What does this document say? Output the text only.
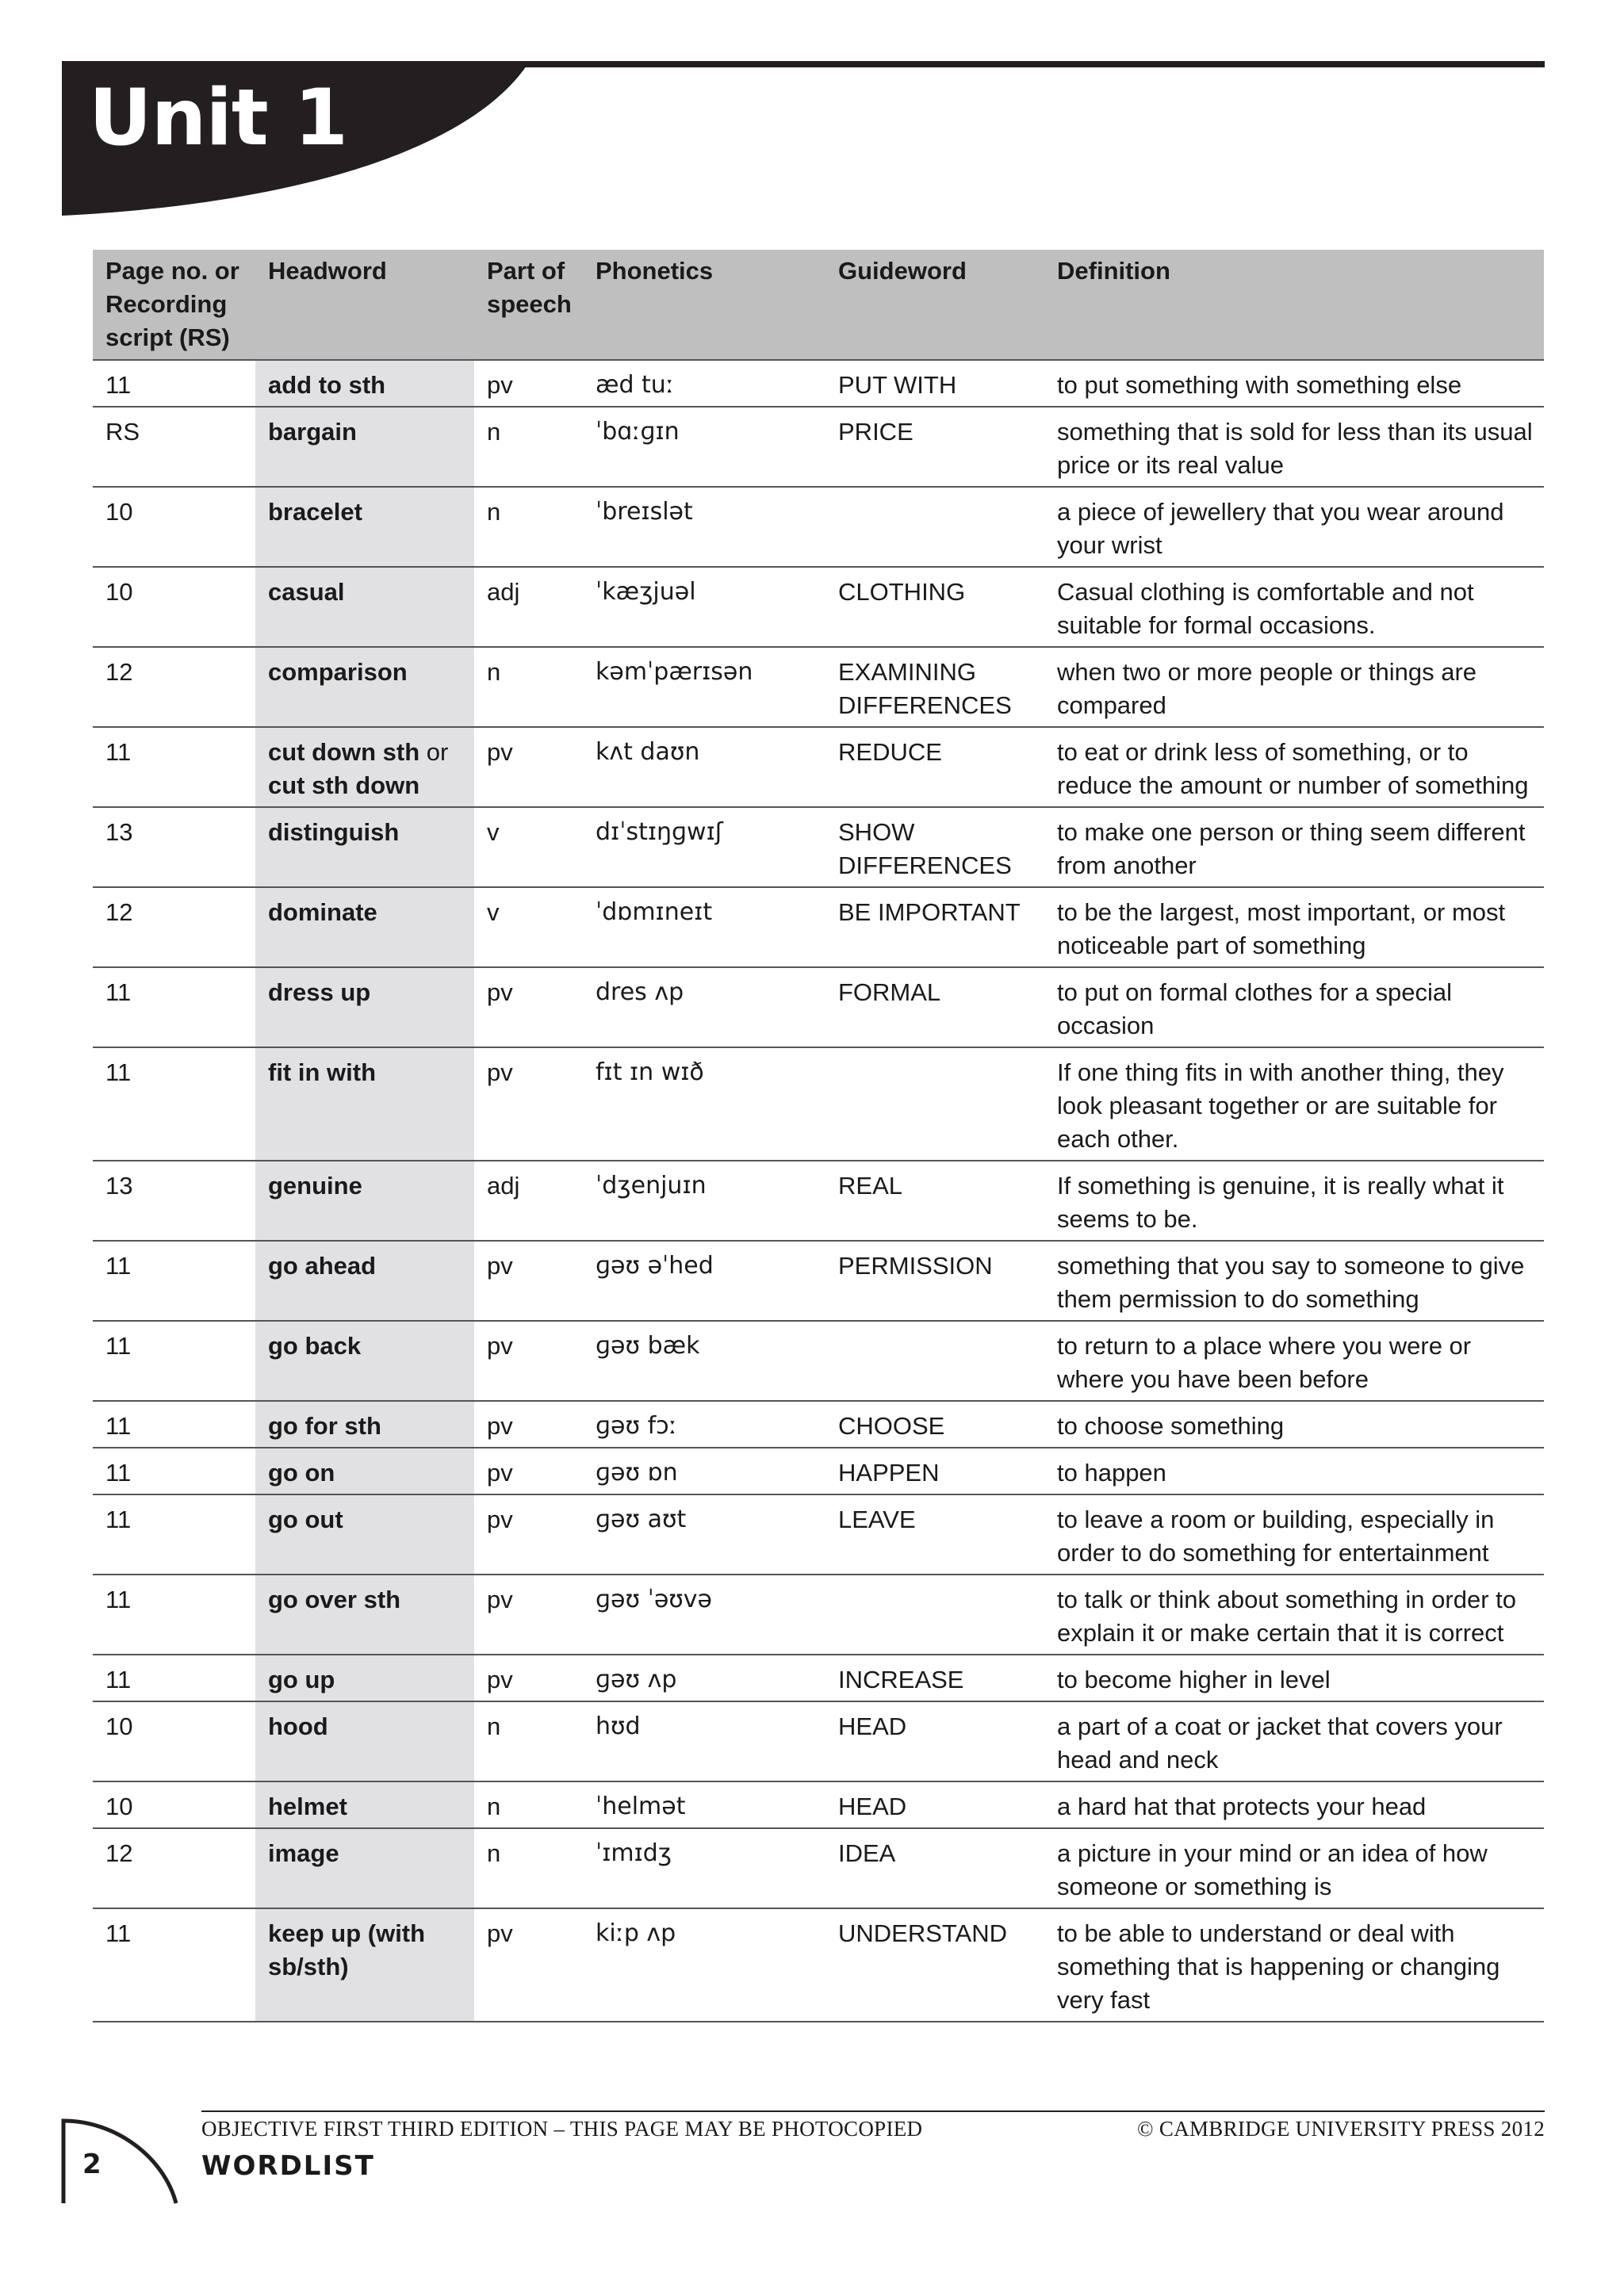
Unit 1
Page no. or Recording script (RS)	Headword	Part of speech	Phonetics	Guideword	Definition
11	add to sth	pv	æd tuː	PUT WITH	to put something with something else
RS	bargain	n	ˈbɑːɡɪn	PRICE	something that is sold for less than its usual price or its real value
10	bracelet	n	ˈbreɪslət		a piece of jewellery that you wear around your wrist
10	casual	adj	ˈkæʒjuəl	CLOTHING	Casual clothing is comfortable and not suitable for formal occasions.
12	comparison	n	kəmˈpærɪsən	EXAMINING DIFFERENCES	when two or more people or things are compared
11	cut down sth or cut sth down	pv	kʌt daʊn	REDUCE	to eat or drink less of something, or to reduce the amount or number of something
13	distinguish	v	dɪˈstɪŋɡwɪʃ	SHOW DIFFERENCES	to make one person or thing seem different from another
12	dominate	v	ˈdɒmɪneɪt	BE IMPORTANT	to be the largest, most important, or most noticeable part of something
11	dress up	pv	dres ʌp	FORMAL	to put on formal clothes for a special occasion
11	fit in with	pv	fɪt ɪn wɪð		If one thing fits in with another thing, they look pleasant together or are suitable for each other.
13	genuine	adj	ˈdʒenjuɪn	REAL	If something is genuine, it is really what it seems to be.
11	go ahead	pv	ɡəʊ əˈhed	PERMISSION	something that you say to someone to give them permission to do something
11	go back	pv	ɡəʊ bæk		to return to a place where you were or where you have been before
11	go for sth	pv	ɡəʊ fɔː	CHOOSE	to choose something
11	go on	pv	ɡəʊ ɒn	HAPPEN	to happen
11	go out	pv	ɡəʊ aʊt	LEAVE	to leave a room or building, especially in order to do something for entertainment
11	go over sth	pv	ɡəʊ ˈəʊvə		to talk or think about something in order to explain it or make certain that it is correct
11	go up	pv	ɡəʊ ʌp	INCREASE	to become higher in level
10	hood	n	hʊd	HEAD	a part of a coat or jacket that covers your head and neck
10	helmet	n	ˈhelmət	HEAD	a hard hat that protects your head
12	image	n	ˈɪmɪdʒ	IDEA	a picture in your mind or an idea of how someone or something is
11	keep up (with sb/sth)	pv	kiːp ʌp	UNDERSTAND	to be able to understand or deal with something that is happening or changing very fast
OBJECTIVE FIRST THIRD EDITION – THIS PAGE MAY BE PHOTOCOPIED	© CAMBRIDGE UNIVERSITY PRESS 2012
WORDLIST
2
